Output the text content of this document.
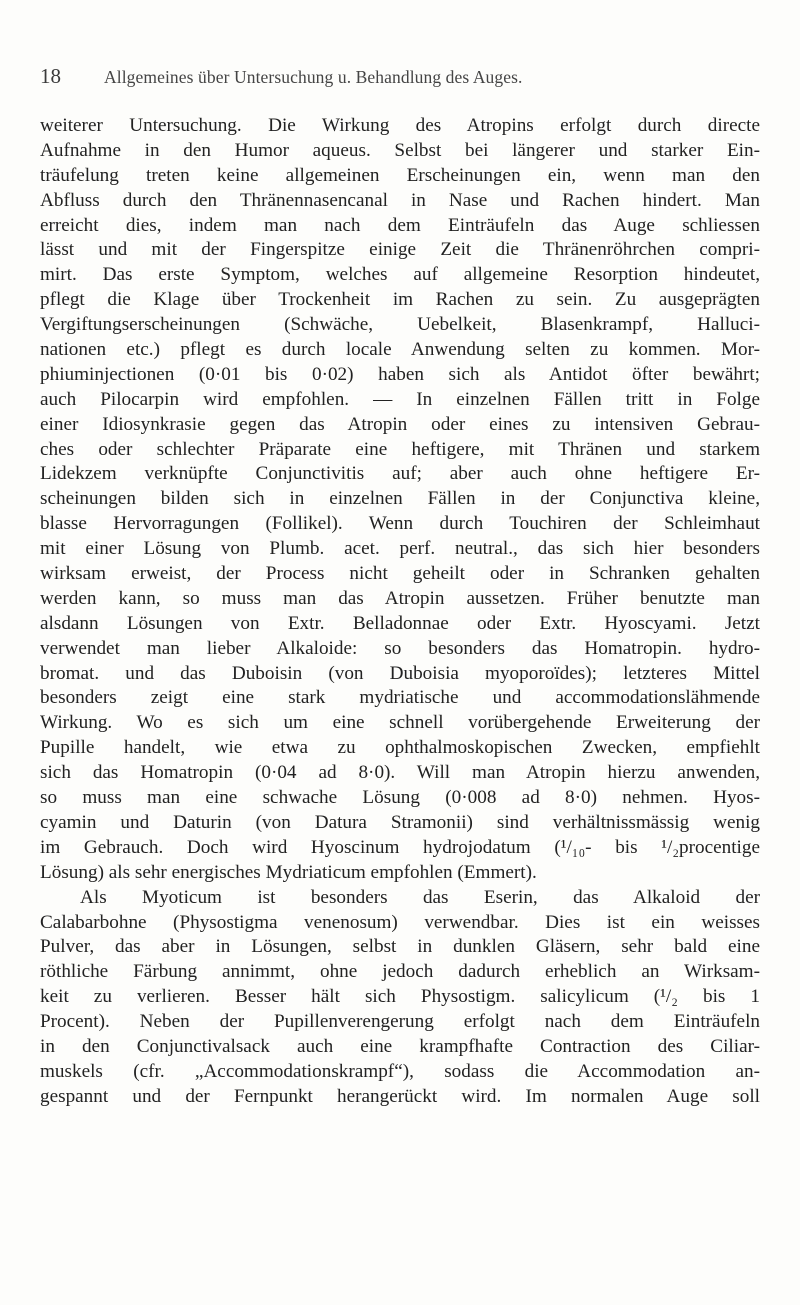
18 Allgemeines über Untersuchung u. Behandlung des Auges.
weiterer Untersuchung. Die Wirkung des Atropins erfolgt durch directe
Aufnahme in den Humor aqueus. Selbst bei längerer und starker Ein-
träufelung treten keine allgemeinen Erscheinungen ein, wenn man den
Abfluss durch den Thränennasencanal in Nase und Rachen hindert. Man
erreicht dies, indem man nach dem Einträufeln das Auge schliessen
lässt und mit der Fingerspitze einige Zeit die Thränenröhrchen compri-
mirt. Das erste Symptom, welches auf allgemeine Resorption hindeutet,
pflegt die Klage über Trockenheit im Rachen zu sein. Zu ausgeprägten
Vergiftungserscheinungen (Schwäche, Uebelkeit, Blasenkrampf, Halluci-
nationen etc.) pflegt es durch locale Anwendung selten zu kommen. Mor-
phiuminjectionen (0·01 bis 0·02) haben sich als Antidot öfter bewährt;
auch Pilocarpin wird empfohlen. — In einzelnen Fällen tritt in Folge
einer Idiosynkrasie gegen das Atropin oder eines zu intensiven Gebrau-
ches oder schlechter Präparate eine heftigere, mit Thränen und starkem
Lidekzem verknüpfte Conjunctivitis auf; aber auch ohne heftigere Er-
scheinungen bilden sich in einzelnen Fällen in der Conjunctiva kleine,
blasse Hervorragungen (Follikel). Wenn durch Touchiren der Schleimhaut
mit einer Lösung von Plumb. acet. perf. neutral., das sich hier besonders
wirksam erweist, der Process nicht geheilt oder in Schranken gehalten
werden kann, so muss man das Atropin aussetzen. Früher benutzte man
alsdann Lösungen von Extr. Belladonnae oder Extr. Hyoscyami. Jetzt
verwendet man lieber Alkaloide: so besonders das Homatropin. hydro-
bromat. und das Duboisin (von Duboisia myoporoïdes); letzteres Mittel
besonders zeigt eine stark mydriatische und accommodationslähmende
Wirkung. Wo es sich um eine schnell vorübergehende Erweiterung der
Pupille handelt, wie etwa zu ophthalmoskopischen Zwecken, empfiehlt
sich das Homatropin (0·04 ad 8·0). Will man Atropin hierzu anwenden,
so muss man eine schwache Lösung (0·008 ad 8·0) nehmen. Hyos-
cyamin und Daturin (von Datura Stramonii) sind verhältnissmässig wenig
im Gebrauch. Doch wird Hyoscinum hydrojodatum (¹/₁₀- bis ¹/₂procentige
Lösung) als sehr energisches Mydriaticum empfohlen (Emmert).
Als Myoticum ist besonders das Eserin, das Alkaloid der
Calabarbohne (Physostigma venenosum) verwendbar. Dies ist ein weisses
Pulver, das aber in Lösungen, selbst in dunklen Gläsern, sehr bald eine
röthliche Färbung annimmt, ohne jedoch dadurch erheblich an Wirksam-
keit zu verlieren. Besser hält sich Physostigm. salicylicum (¹/₂ bis 1
Procent). Neben der Pupillenverengerung erfolgt nach dem Einträufeln
in den Conjunctivalsack auch eine krampfhafte Contraction des Ciliar-
muskels (cfr. „Accommodationskrampf“), sodass die Accommodation an-
gespannt und der Fernpunkt herangerückt wird. Im normalen Auge soll
